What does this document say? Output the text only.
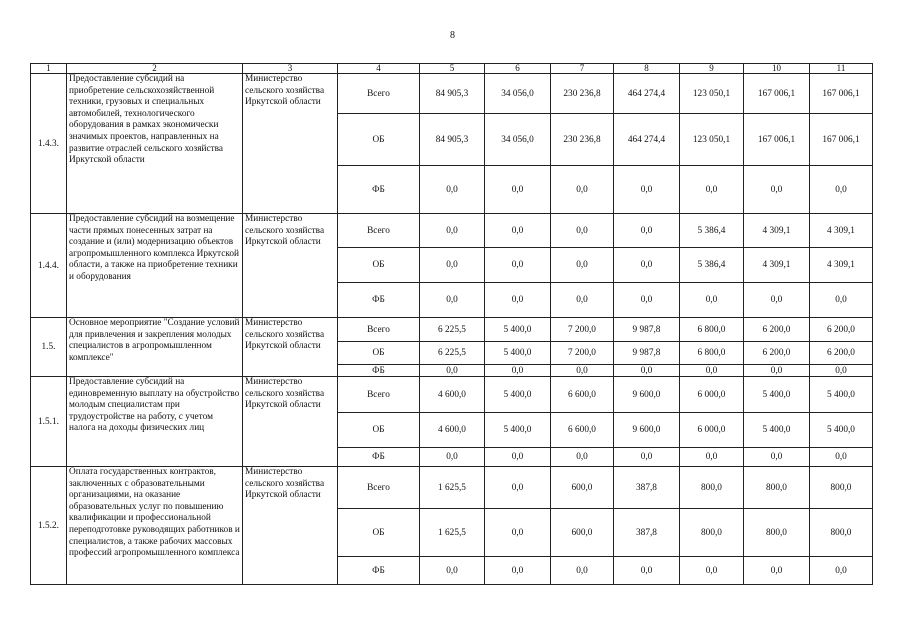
8
1	2	3	4	5	6	7	8	9	10	11
1.4.3.	Предоставление субсидий на приобретение сельскохозяйственной техники, грузовых и специальных автомобилей, технологического оборудования в рамках экономически значимых проектов, направленных на развитие отраслей сельского хозяйства Иркутской области	Министерство сельского хозяйства Иркутской области	Всего	84 905,3	34 056,0	230 236,8	464 274,4	123 050,1	167 006,1	167 006,1
			ОБ	84 905,3	34 056,0	230 236,8	464 274,4	123 050,1	167 006,1	167 006,1
			ФБ	0,0	0,0	0,0	0,0	0,0	0,0	0,0
1.4.4.	Предоставление субсидий на возмещение части прямых понесенных затрат на создание и (или) модернизацию объектов агропромышленного комплекса Иркутской области, а также на приобретение техники и оборудования	Министерство сельского хозяйства Иркутской области	Всего	0,0	0,0	0,0	0,0	5 386,4	4 309,1	4 309,1
			ОБ	0,0	0,0	0,0	0,0	5 386,4	4 309,1	4 309,1
			ФБ	0,0	0,0	0,0	0,0	0,0	0,0	0,0
1.5.	Основное мероприятие "Создание условий для привлечения и закрепления молодых специалистов в агропромышленном комплексе"	Министерство сельского хозяйства Иркутской области	Всего	6 225,5	5 400,0	7 200,0	9 987,8	6 800,0	6 200,0	6 200,0
			ОБ	6 225,5	5 400,0	7 200,0	9 987,8	6 800,0	6 200,0	6 200,0
			ФБ	0,0	0,0	0,0	0,0	0,0	0,0	0,0
1.5.1.	Предоставление субсидий на единовременную выплату на обустройство молодым специалистам при трудоустройстве на работу, с учетом налога на доходы физических лиц	Министерство сельского хозяйства Иркутской области	Всего	4 600,0	5 400,0	6 600,0	9 600,0	6 000,0	5 400,0	5 400,0
			ОБ	4 600,0	5 400,0	6 600,0	9 600,0	6 000,0	5 400,0	5 400,0
			ФБ	0,0	0,0	0,0	0,0	0,0	0,0	0,0
1.5.2.	Оплата государственных контрактов, заключенных с образовательными организациями, на оказание образовательных услуг по повышению квалификации и профессиональной переподготовке руководящих работников и специалистов, а также рабочих массовых профессий агропромышленного комплекса	Министерство сельского хозяйства Иркутской области	Всего	1 625,5	0,0	600,0	387,8	800,0	800,0	800,0
			ОБ	1 625,5	0,0	600,0	387,8	800,0	800,0	800,0
			ФБ	0,0	0,0	0,0	0,0	0,0	0,0	0,0
